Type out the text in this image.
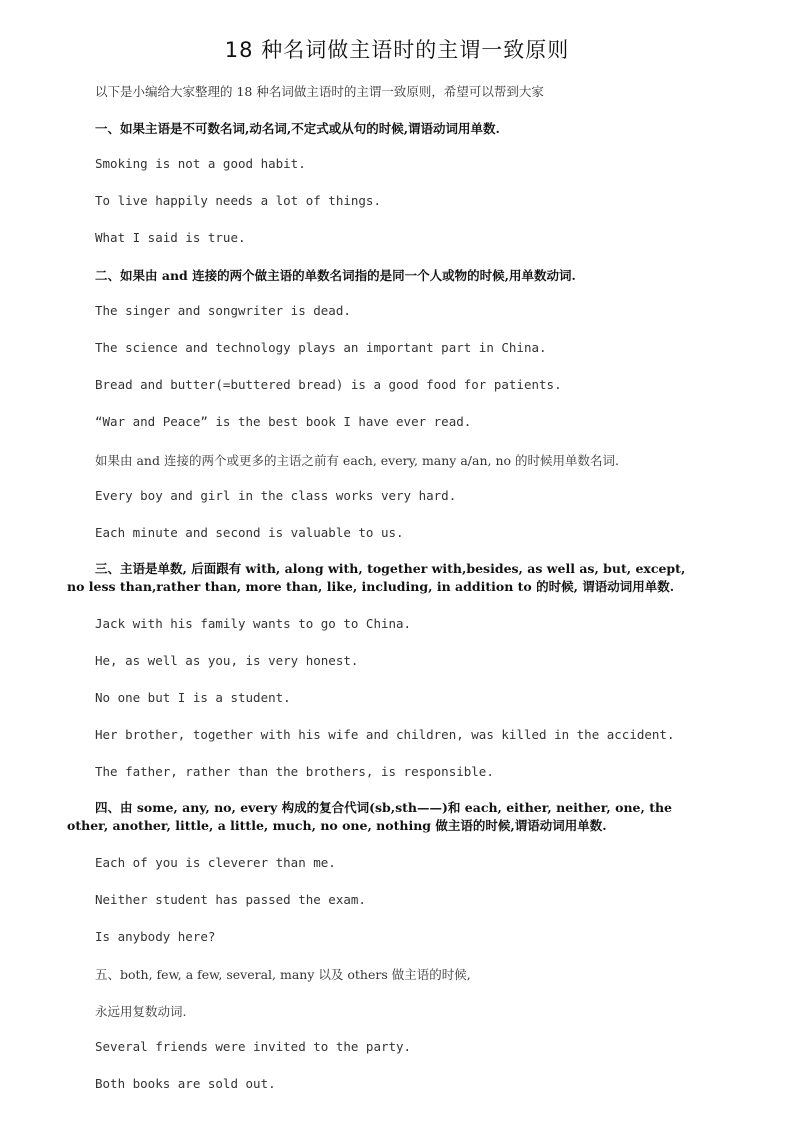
18 种名词做主语时的主谓一致原则
以下是小编给大家整理的 18 种名词做主语时的主谓一致原则，希望可以帮到大家
一、如果主语是不可数名词,动名词,不定式或从句的时候,谓语动词用单数.
Smoking is not a good habit.
To live happily needs a lot of things.
What I said is true.
二、如果由 and 连接的两个做主语的单数名词指的是同一个人或物的时候,用单数动词.
The singer and songwriter is dead.
The science and technology plays an important part in China.
Bread and butter(=buttered bread) is a good food for patients.
“War and Peace” is the best book I have ever read.
如果由 and 连接的两个或更多的主语之前有 each, every, many a/an, no 的时候用单数名词.
Every boy and girl in the class works very hard.
Each minute and second is valuable to us.
三、主语是单数, 后面跟有 with, along with, together with,besides, as well as, but, except,
no less than,rather than, more than, like, including, in addition to 的时候, 谓语动词用单数.
Jack with his family wants to go to China.
He, as well as you, is very honest.
No one but I is a student.
Her brother, together with his wife and children, was killed in the accident.
The father, rather than the brothers, is responsible.
四、由 some, any, no, every 构成的复合代词(sb,sth——)和 each, either, neither, one, the
other, another, little, a little, much, no one, nothing 做主语的时候,谓语动词用单数.
Each of you is cleverer than me.
Neither student has passed the exam.
Is anybody here?
五、both, few, a few, several, many 以及 others 做主语的时候,
永远用复数动词.
Several friends were invited to the party.
Both books are sold out.
